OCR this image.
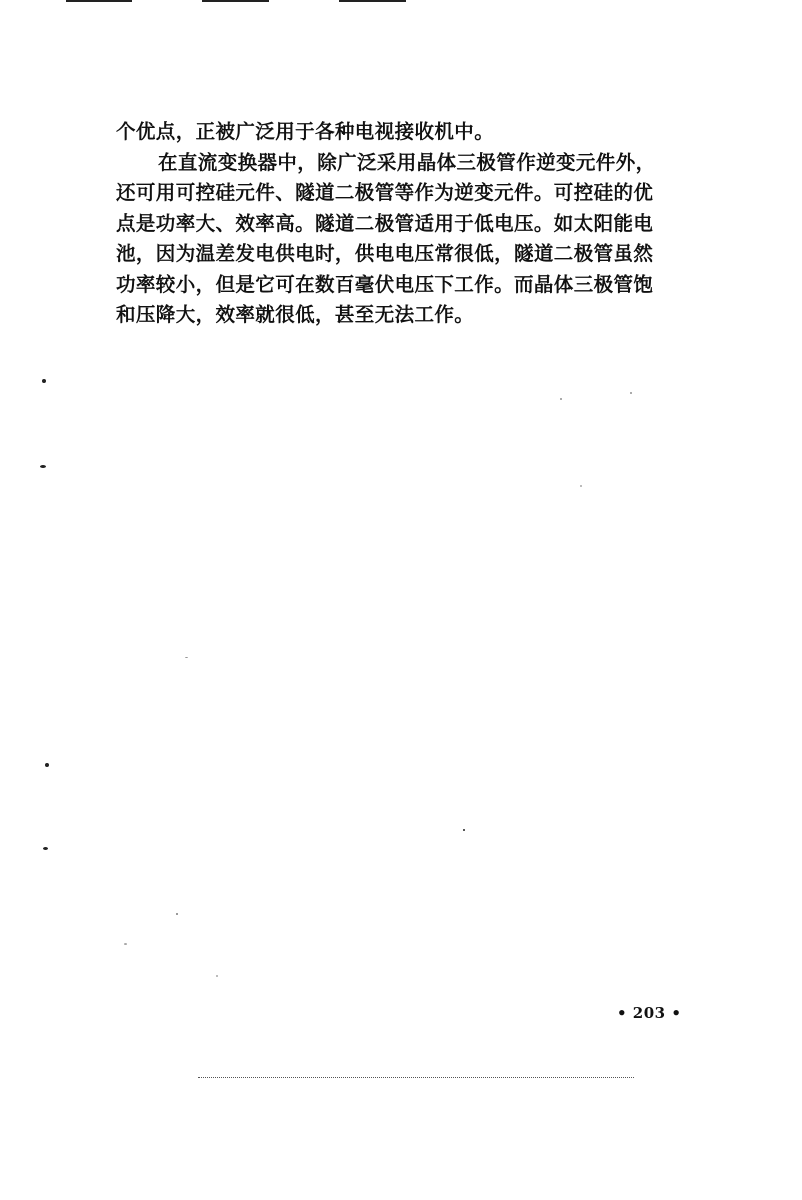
个优点，正被广泛用于各种电视接收机中。
在直流变换器中，除广泛采用晶体三极管作逆变元件外，
还可用可控硅元件、隧道二极管等作为逆变元件。可控硅的优
点是功率大、效率高。隧道二极管适用于低电压。如太阳能电
池，因为温差发电供电时，供电电压常很低，隧道二极管虽然
功率较小，但是它可在数百毫伏电压下工作。而晶体三极管饱
和压降大，效率就很低，甚至无法工作。
• 203 •
